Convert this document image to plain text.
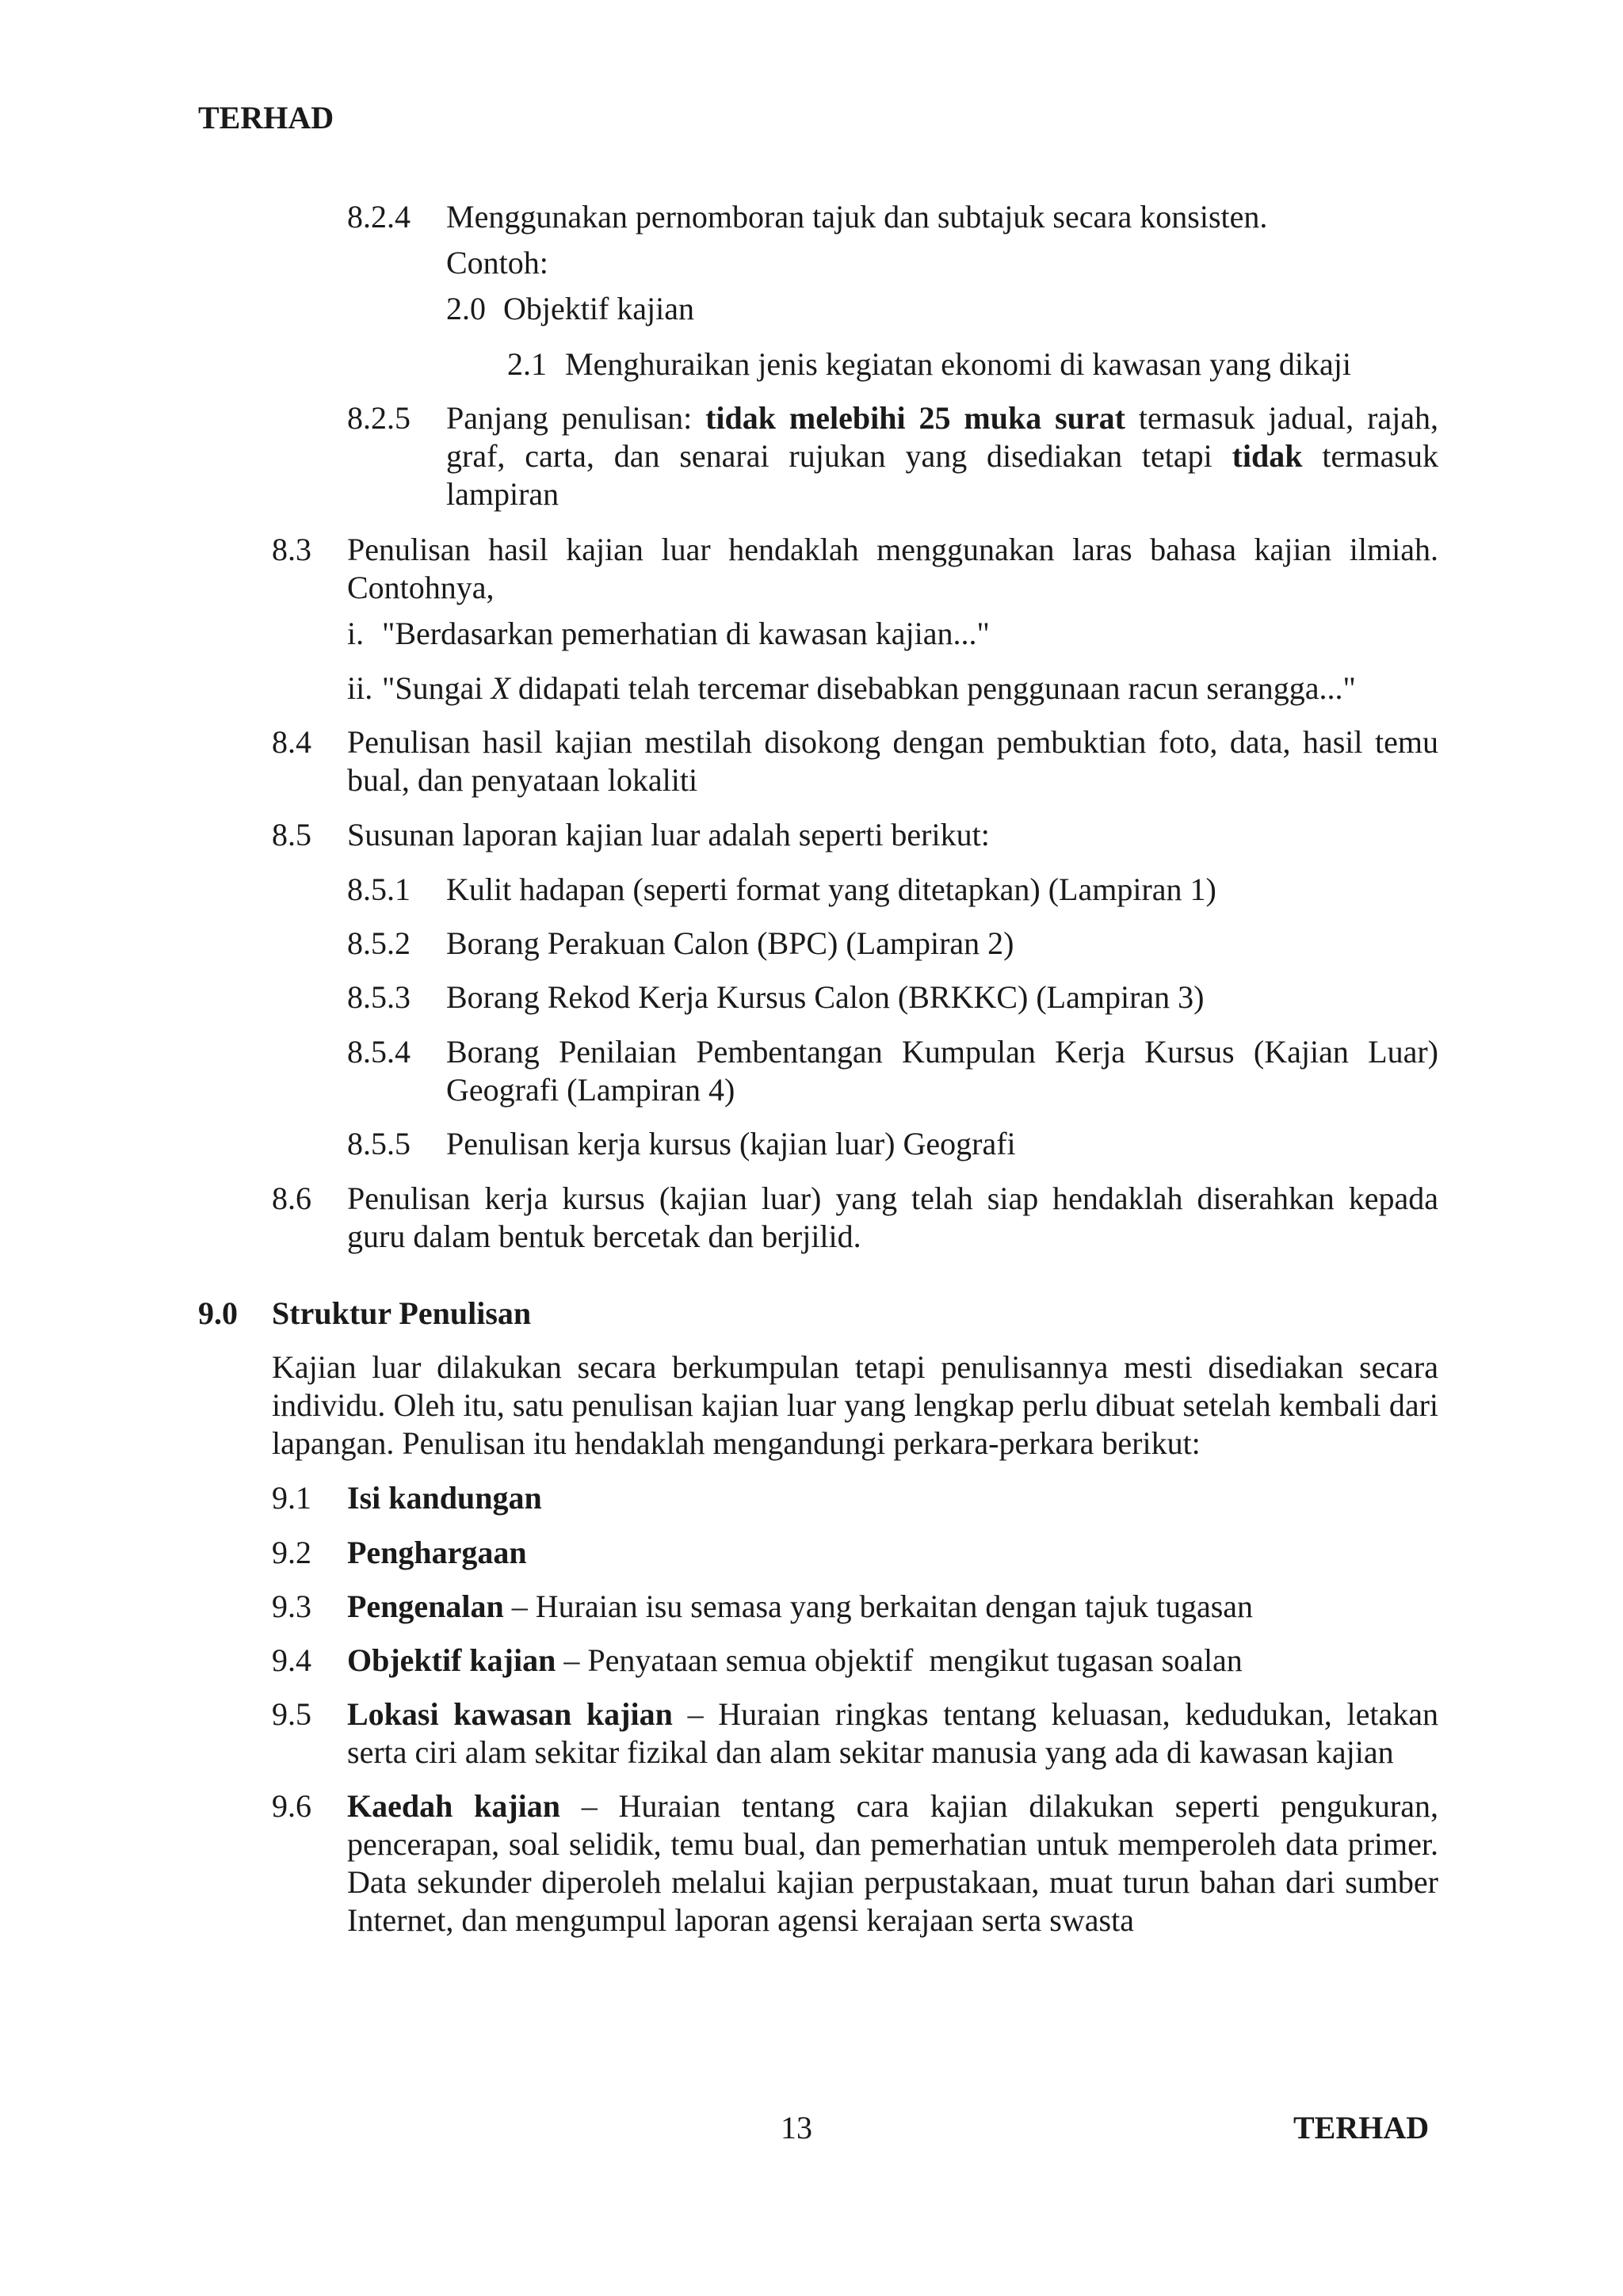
TERHAD
8.2.4 Menggunakan pernomboran tajuk dan subtajuk secara konsisten.
Contoh:
2.0 Objektif kajian
2.1 Menghuraikan jenis kegiatan ekonomi di kawasan yang dikaji
8.2.5 Panjang penulisan: tidak melebihi 25 muka surat termasuk jadual, rajah, graf, carta, dan senarai rujukan yang disediakan tetapi tidak termasuk lampiran

8.3 Penulisan hasil kajian luar hendaklah menggunakan laras bahasa kajian ilmiah. Contohnya,

i. "Berdasarkan pemerhatian di kawasan kajian..."
ii. "Sungai X didapati telah tercemar disebabkan penggunaan racun serangga..."
8.4 Penulisan hasil kajian mestilah disokong dengan pembuktian foto, data, hasil temu bual, dan penyataan lokaliti

8.5 Susunan laporan kajian luar adalah seperti berikut:
8.5.1 Kulit hadapan (seperti format yang ditetapkan) (Lampiran 1)
8.5.2 Borang Perakuan Calon (BPC) (Lampiran 2)
8.5.3 Borang Rekod Kerja Kursus Calon (BRKKC) (Lampiran 3)
8.5.4 Borang Penilaian Pembentangan Kumpulan Kerja Kursus (Kajian Luar) Geografi (Lampiran 4)

8.5.5 Penulisan kerja kursus (kajian luar) Geografi
8.6 Penulisan kerja kursus (kajian luar) yang telah siap hendaklah diserahkan kepada guru dalam bentuk bercetak dan berjilid.

9.0 Struktur Penulisan

Kajian luar dilakukan secara berkumpulan tetapi penulisannya mesti disediakan secara individu. Oleh itu, satu penulisan kajian luar yang lengkap perlu dibuat setelah kembali dari lapangan. Penulisan itu hendaklah mengandungi perkara-perkara berikut:

9.1 Isi kandungan
9.2 Penghargaan
9.3 Pengenalan – Huraian isu semasa yang berkaitan dengan tajuk tugasan
9.4 Objektif kajian – Penyataan semua objektif  mengikut tugasan soalan
9.5 Lokasi kawasan kajian – Huraian ringkas tentang keluasan, kedudukan, letakan serta ciri alam sekitar fizikal dan alam sekitar manusia yang ada di kawasan kajian

9.6 Kaedah kajian – Huraian tentang cara kajian dilakukan seperti pengukuran, pencerapan, soal selidik, temu bual, dan pemerhatian untuk memperoleh data primer. Data sekunder diperoleh melalui kajian perpustakaan, muat turun bahan dari sumber Internet, dan mengumpul laporan agensi kerajaan serta swasta

13	TERHAD
